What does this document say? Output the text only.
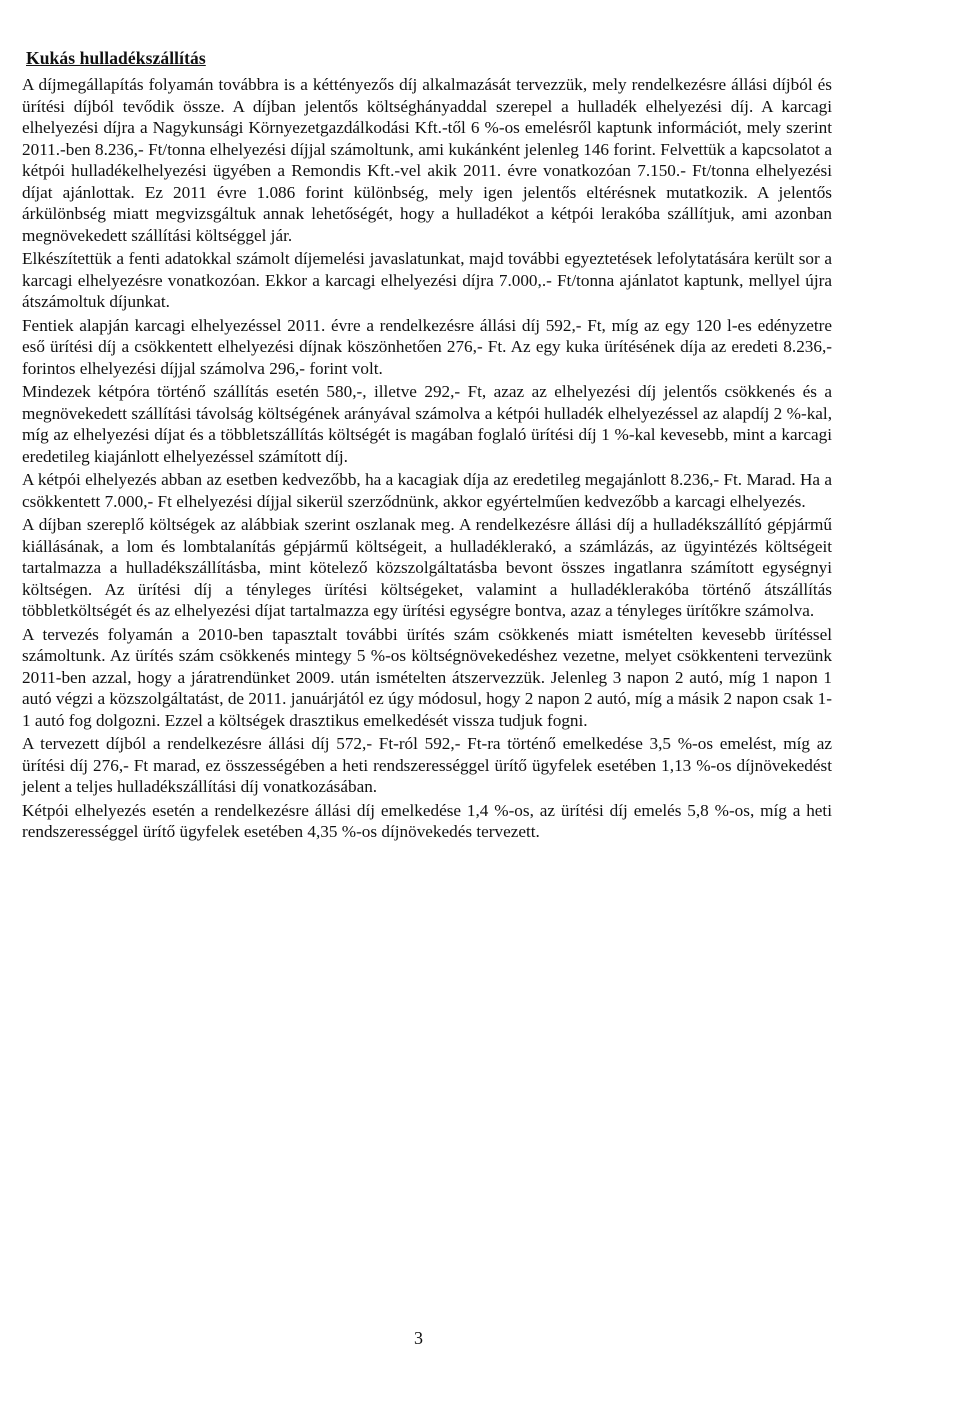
Kukás hulladékszállítás

A díjmegállapítás folyamán továbbra is a kéttényezős díj alkalmazását tervezzük, mely rendelkezésre állási díjból és ürítési díjból tevődik össze. A díjban jelentős költséghányaddal szerepel a hulladék elhelyezési díj. A karcagi elhelyezési díjra a Nagykunsági Környezetgazdálkodási Kft.-től 6 %-os emelésről kaptunk információt, mely szerint 2011.-ben 8.236,- Ft/tonna elhelyezési díjjal számoltunk, ami kukánként jelenleg 146 forint. Felvettük a kapcsolatot a kétpói hulladékelhelyezési ügyében a Remondis Kft.-vel akik 2011. évre vonatkozóan 7.150.- Ft/tonna elhelyezési díjat ajánlottak. Ez 2011 évre 1.086 forint különbség, mely igen jelentős eltérésnek mutatkozik. A jelentős árkülönbség miatt megvizsgáltuk annak lehetőségét, hogy a hulladékot a kétpói lerakóba szállítjuk, ami azonban megnövekedett szállítási költséggel jár.

Elkészítettük a fenti adatokkal számolt díjemelési javaslatunkat, majd további egyeztetések lefolytatására került sor a karcagi elhelyezésre vonatkozóan. Ekkor a karcagi elhelyezési díjra 7.000,.- Ft/tonna ajánlatot kaptunk, mellyel újra átszámoltuk díjunkat.

Fentiek alapján karcagi elhelyezéssel 2011. évre a rendelkezésre állási díj 592,- Ft, míg az egy 120 l-es edényzetre eső ürítési díj a csökkentett elhelyezési díjnak köszönhetően 276,- Ft. Az egy kuka ürítésének díja az eredeti 8.236,- forintos elhelyezési díjjal számolva 296,- forint volt.

Mindezek kétpóra történő szállítás esetén 580,-, illetve 292,- Ft, azaz az elhelyezési díj jelentős csökkenés és a megnövekedett szállítási távolság költségének arányával számolva a kétpói hulladék elhelyezéssel az alapdíj 2 %-kal, míg az elhelyezési díjat és a többletszállítás költségét is magában foglaló ürítési díj 1 %-kal kevesebb, mint a karcagi eredetileg kiajánlott elhelyezéssel számított díj.

A kétpói elhelyezés abban az esetben kedvezőbb, ha a kacagiak díja az eredetileg megajánlott 8.236,- Ft. Marad. Ha a csökkentett 7.000,- Ft elhelyezési díjjal sikerül szerződnünk, akkor egyértelműen kedvezőbb a karcagi elhelyezés.

A díjban szereplő költségek az alábbiak szerint oszlanak meg. A rendelkezésre állási díj a hulladékszállító gépjármű kiállásának, a lom és lombtalanítás gépjármű költségeit, a hulladéklerakó, a számlázás, az ügyintézés költségeit tartalmazza a hulladékszállításba, mint kötelező közszolgáltatásba bevont összes ingatlanra számított egységnyi költségen. Az ürítési díj a tényleges ürítési költségeket, valamint a hulladéklerakóba történő átszállítás többletköltségét és az elhelyezési díjat tartalmazza egy ürítési egységre bontva, azaz a tényleges ürítőkre számolva.

A tervezés folyamán a 2010-ben tapasztalt további ürítés szám csökkenés miatt ismételten kevesebb ürítéssel számoltunk. Az ürítés szám csökkenés mintegy 5 %-os költségnövekedéshez vezetne, melyet csökkenteni tervezünk 2011-ben azzal, hogy a járatrendünket 2009. után ismételten átszervezzük. Jelenleg 3 napon 2 autó, míg 1 napon 1 autó végzi a közszolgáltatást, de 2011. januárjától ez úgy módosul, hogy 2 napon 2 autó, míg a másik 2 napon csak 1-1 autó fog dolgozni. Ezzel a költségek drasztikus emelkedését vissza tudjuk fogni.

A tervezett díjból a rendelkezésre állási díj 572,- Ft-ról 592,- Ft-ra történő emelkedése 3,5 %-os emelést, míg az ürítési díj 276,- Ft marad, ez összességében a heti rendszerességgel ürítő ügyfelek esetében 1,13 %-os díjnövekedést jelent a teljes hulladékszállítási díj vonatkozásában.

Kétpói elhelyezés esetén a rendelkezésre állási díj emelkedése 1,4 %-os, az ürítési díj emelés 5,8 %-os, míg a heti rendszerességgel ürítő ügyfelek esetében 4,35 %-os díjnövekedés tervezett.

3
